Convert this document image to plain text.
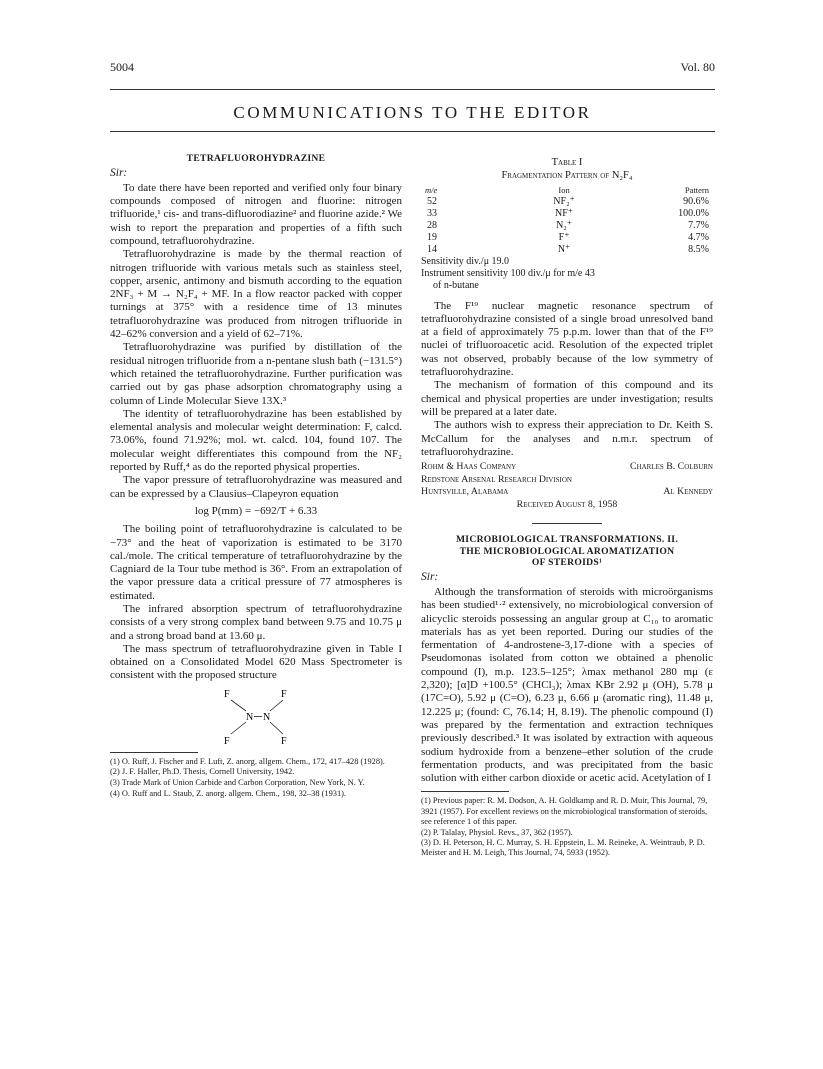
5004	Vol. 80
COMMUNICATIONS TO THE EDITOR
TETRAFLUOROHYDRAZINE
Sir:

To date there have been reported and verified only four binary compounds composed of nitrogen and fluorine: nitrogen trifluoride,¹ cis- and trans-difluorodiazine² and fluorine azide.² We wish to report the preparation and properties of a fifth such compound, tetrafluorohydrazine.

Tetrafluorohydrazine is made by the thermal reaction of nitrogen trifluoride with various metals such as stainless steel, copper, arsenic, antimony and bismuth according to the equation 2NF₃ + M → N₂F₄ + MF. In a flow reactor packed with copper turnings at 375° with a residence time of 13 minutes tetrafluorohydrazine was produced from nitrogen trifluoride in 42–62% conversion and a yield of 62–71%.

Tetrafluorohydrazine was purified by distillation of the residual nitrogen trifluoride from a n-pentane slush bath (−131.5°) which retained the tetrafluorohydrazine. Further purification was carried out by gas phase adsorption chromatography using a column of Linde Molecular Sieve 13X.³

The identity of tetrafluorohydrazine has been established by elemental analysis and molecular weight determination: F, calcd. 73.06%, found 71.92%; mol. wt. calcd. 104, found 107. The molecular weight differentiates this compound from the NF₂ reported by Ruff,⁴ as do the reported physical properties.

The vapor pressure of tetrafluorohydrazine was measured and can be expressed by a Clausius–Clapeyron equation

log P(mm) = −692/T + 6.33

The boiling point of tetrafluorohydrazine is calculated to be −73° and the heat of vaporization is estimated to be 3170 cal./mole. The critical temperature of tetrafluorohydrazine by the Cagniard de la Tour tube method is 36°. From an extrapolation of the vapor pressure data a critical pressure of 77 atmospheres is estimated.

The infrared absorption spectrum of tetrafluorohydrazine consists of a very strong complex band between 9.75 and 10.75 μ and a strong broad band at 13.60 μ.

The mass spectrum of tetrafluorohydrazine given in Table I obtained on a Consolidated Model 620 Mass Spectrometer is consistent with the proposed structure

F	F
F	F
N N

(1) O. Ruff, J. Fischer and F. Luft, Z. anorg. allgem. Chem., 172, 417–428 (1928).

(2) J. F. Haller, Ph.D. Thesis, Cornell University, 1942.

(3) Trade Mark of Union Carbide and Carbon Corporation, New York, N. Y.

(4) O. Ruff and L. Staub, Z. anorg. allgem. Chem., 198, 32–38 (1931).

Table I
Fragmentation Pattern of N₂F₄
m/e	Ion	Pattern
52	NF₂⁺	90.6%
33	NF⁺	100.0%
28	N₂⁺	7.7%
19	F⁺	4.7%
14	N⁺	8.5%
Sensitivity div./μ 19.0
Instrument sensitivity 100 div./μ for m/e 43
of n-butane

The F¹⁹ nuclear magnetic resonance spectrum of tetrafluorohydrazine consisted of a single broad unresolved band at a field of approximately 75 p.p.m. lower than that of the F¹⁹ nuclei of trifluoroacetic acid. Resolution of the expected triplet was not observed, probably because of the low symmetry of tetrafluorohydrazine.

The mechanism of formation of this compound and its chemical and physical properties are under investigation; results will be prepared at a later date.

The authors wish to express their appreciation to Dr. Keith S. McCallum for the analyses and n.m.r. spectrum of tetrafluorohydrazine.

Rohm & Haas Company	Charles B. Colburn
Redstone Arsenal Research Division
Huntsville, Alabama	Al Kennedy
Received August 8, 1958
MICROBIOLOGICAL TRANSFORMATIONS. II.
THE MICROBIOLOGICAL AROMATIZATION
OF STEROIDS¹
Sir:

Although the transformation of steroids with microörganisms has been studied¹·² extensively, no microbiological conversion of alicyclic steroids possessing an angular group at C₁₀ to aromatic materials has as yet been reported. During our studies of the fermentation of 4-androstene-3,17-dione with a species of Pseudomonas isolated from cotton we obtained a phenolic compound (I), m.p. 123.5–125°; λmax methanol 280 mμ (ε 2,320); [α]D +100.5° (CHCl₃); λmax KBr 2.92 μ (OH), 5.78 μ (17C=O), 5.92 μ (C=O), 6.23 μ, 6.66 μ (aromatic ring), 11.48 μ, 12.225 μ; (found: C, 76.14; H, 8.19). The phenolic compound (I) was prepared by the fermentation and extraction techniques previously described.³ It was isolated by extraction with aqueous sodium hydroxide from a benzene–ether solution of the crude fermentation products, and was precipitated from the basic solution with either carbon dioxide or acetic acid. Acetylation of I

(1) Previous paper: R. M. Dodson, A. H. Goldkamp and R. D. Muir, This Journal, 79, 3921 (1957). For excellent reviews on the microbiological transformation of steroids, see reference 1 of this paper.

(2) P. Talalay, Physiol. Revs., 37, 362 (1957).

(3) D. H. Peterson, H. C. Murray, S. H. Eppstein, L. M. Reineke, A. Weintraub, P. D. Meister and H. M. Leigh, This Journal, 74, 5933 (1952).
